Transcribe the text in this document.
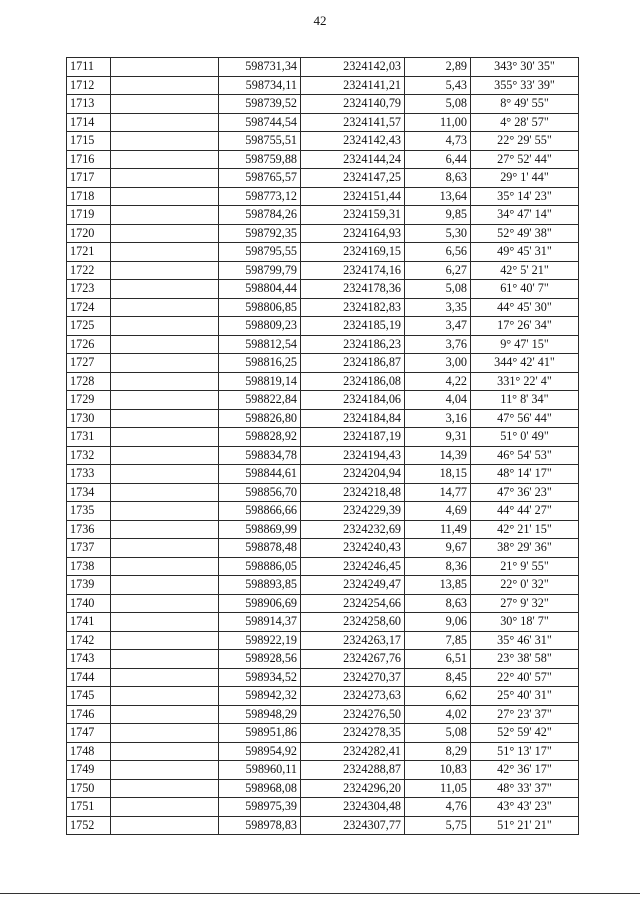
42
1711		598731,34	2324142,03	2,89	343° 30' 35"
1712		598734,11	2324141,21	5,43	355° 33' 39"
1713		598739,52	2324140,79	5,08	8° 49' 55"
1714		598744,54	2324141,57	11,00	4° 28' 57"
1715		598755,51	2324142,43	4,73	22° 29' 55"
1716		598759,88	2324144,24	6,44	27° 52' 44"
1717		598765,57	2324147,25	8,63	29° 1' 44"
1718		598773,12	2324151,44	13,64	35° 14' 23"
1719		598784,26	2324159,31	9,85	34° 47' 14"
1720		598792,35	2324164,93	5,30	52° 49' 38"
1721		598795,55	2324169,15	6,56	49° 45' 31"
1722		598799,79	2324174,16	6,27	42° 5' 21"
1723		598804,44	2324178,36	5,08	61° 40' 7"
1724		598806,85	2324182,83	3,35	44° 45' 30"
1725		598809,23	2324185,19	3,47	17° 26' 34"
1726		598812,54	2324186,23	3,76	9° 47' 15"
1727		598816,25	2324186,87	3,00	344° 42' 41"
1728		598819,14	2324186,08	4,22	331° 22' 4"
1729		598822,84	2324184,06	4,04	11° 8' 34"
1730		598826,80	2324184,84	3,16	47° 56' 44"
1731		598828,92	2324187,19	9,31	51° 0' 49"
1732		598834,78	2324194,43	14,39	46° 54' 53"
1733		598844,61	2324204,94	18,15	48° 14' 17"
1734		598856,70	2324218,48	14,77	47° 36' 23"
1735		598866,66	2324229,39	4,69	44° 44' 27"
1736		598869,99	2324232,69	11,49	42° 21' 15"
1737		598878,48	2324240,43	9,67	38° 29' 36"
1738		598886,05	2324246,45	8,36	21° 9' 55"
1739		598893,85	2324249,47	13,85	22° 0' 32"
1740		598906,69	2324254,66	8,63	27° 9' 32"
1741		598914,37	2324258,60	9,06	30° 18' 7"
1742		598922,19	2324263,17	7,85	35° 46' 31"
1743		598928,56	2324267,76	6,51	23° 38' 58"
1744		598934,52	2324270,37	8,45	22° 40' 57"
1745		598942,32	2324273,63	6,62	25° 40' 31"
1746		598948,29	2324276,50	4,02	27° 23' 37"
1747		598951,86	2324278,35	5,08	52° 59' 42"
1748		598954,92	2324282,41	8,29	51° 13' 17"
1749		598960,11	2324288,87	10,83	42° 36' 17"
1750		598968,08	2324296,20	11,05	48° 33' 37"
1751		598975,39	2324304,48	4,76	43° 43' 23"
1752		598978,83	2324307,77	5,75	51° 21' 21"
